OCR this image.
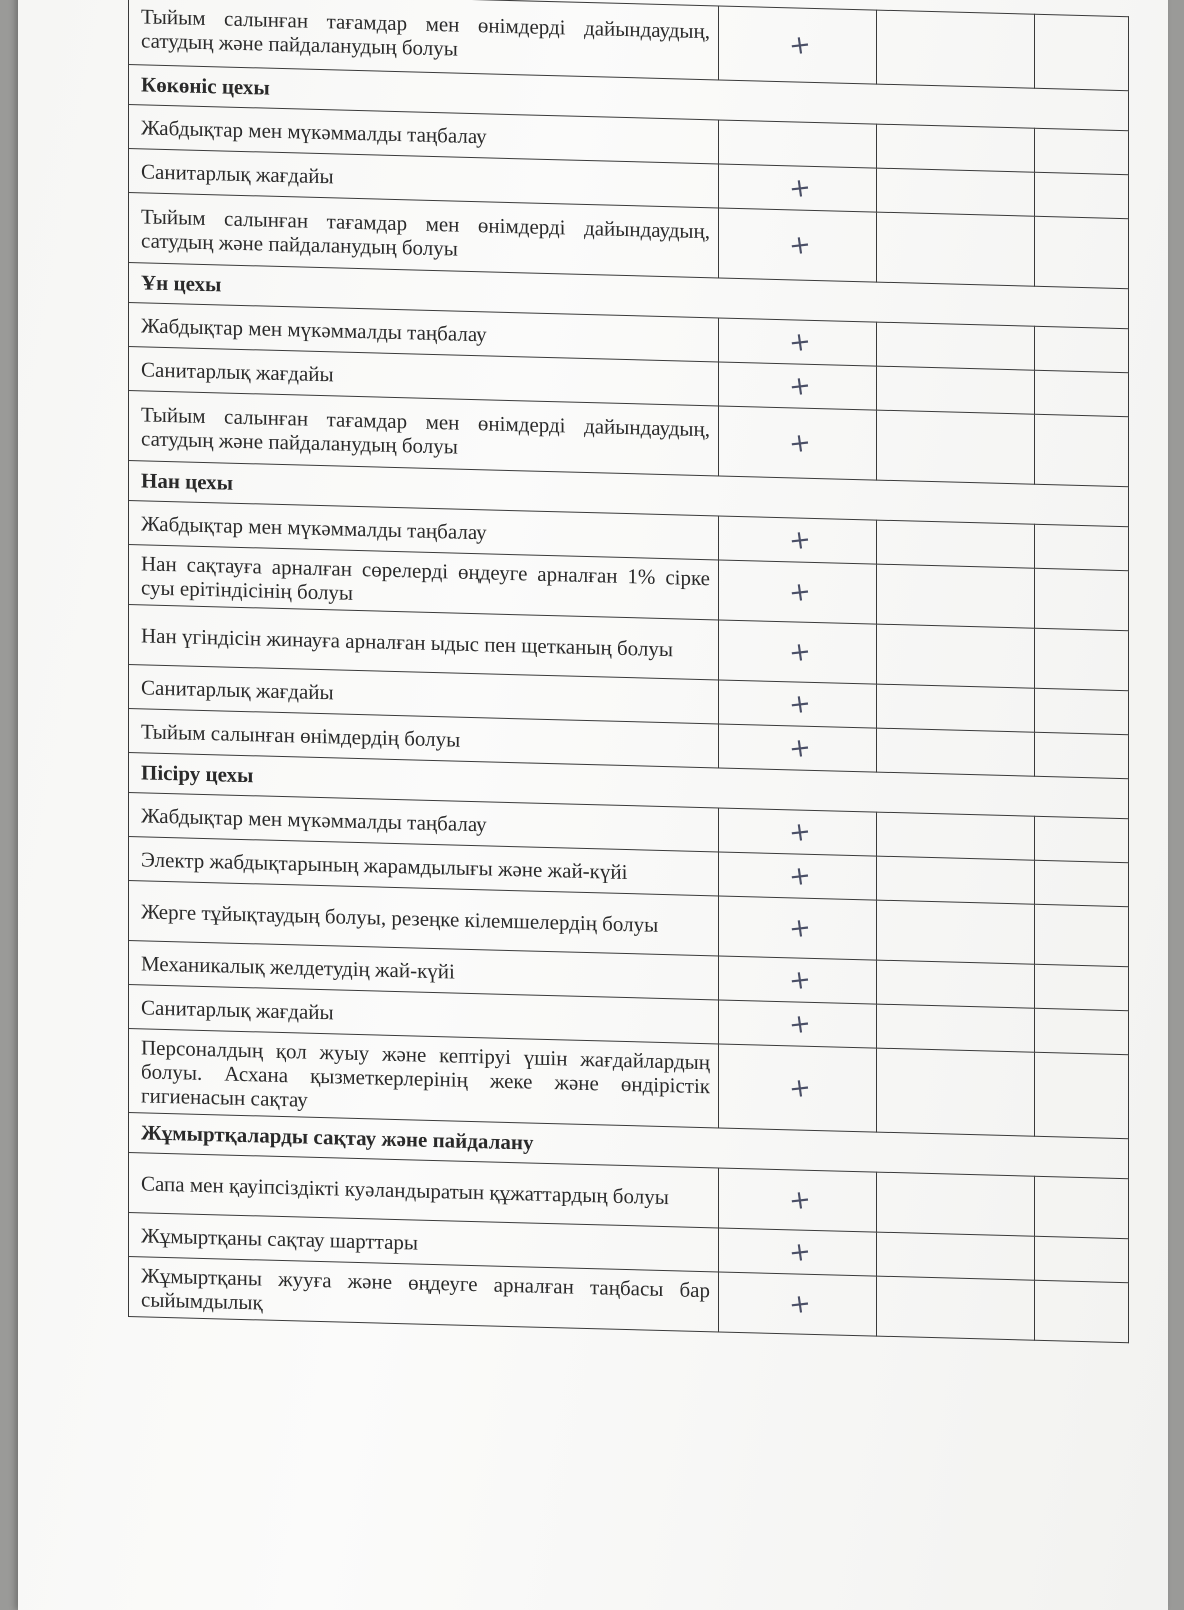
Тыйым салынған тағамдар мен өнімдерді дайындаудың, сатудың және пайдаланудың болуы	+		
Көкөніс цехы			
Жабдықтар мен мүкәммалды таңбалау			
Санитарлық жағдайы	+		
Тыйым салынған тағамдар мен өнімдерді дайындаудың, сатудың және пайдаланудың болуы	+		
Ұн цехы			
Жабдықтар мен мүкәммалды таңбалау	+		
Санитарлық жағдайы	+		
Тыйым салынған тағамдар мен өнімдерді дайындаудың, сатудың және пайдаланудың болуы	+		
Нан цехы			
Жабдықтар мен мүкәммалды таңбалау	+		
Нан сақтауға арналған сөрелерді өңдеуге арналған 1% сірке суы ерітіндісінің болуы	+		
Нан үгіндісін жинауға арналған ыдыс пен щетканың болуы	+		
Санитарлық жағдайы	+		
Тыйым салынған өнімдердің болуы	+		
Пісіру цехы			
Жабдықтар мен мүкәммалды таңбалау	+		
Электр жабдықтарының жарамдылығы және жай-күйі	+		
Жерге тұйықтаудың болуы, резеңке кілемшелердің болуы	+		
Механикалық желдетудің жай-күйі	+		
Санитарлық жағдайы	+		
Персоналдың қол жуыу және кептіруі үшін жағдайлардың болуы. Асхана қызметкерлерінің жеке және өндірістік гигиенасын сақтау	+		
Жұмыртқаларды сақтау және пайдалану			
Сапа мен қауіпсіздікті куәландыратын құжаттардың болуы	+		
Жұмыртқаны сақтау шарттары	+		
Жұмыртқаны жууға және өңдеуге арналған таңбасы бар сыйымдылық	+		
